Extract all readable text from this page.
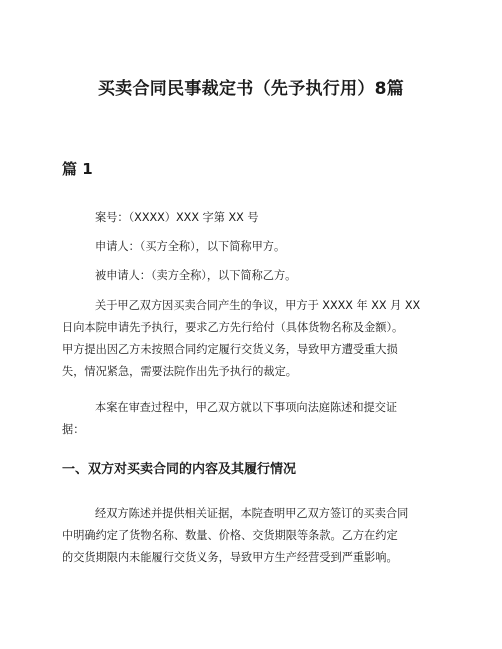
买卖合同民事裁定书（先予执行用）8篇
篇 1

案号：（XXXX）XXX 字第 XX 号

申请人：（买方全称），以下简称甲方。

被申请人：（卖方全称），以下简称乙方。

关于甲乙双方因买卖合同产生的争议，甲方于 XXXX 年 XX 月 XX
日向本院申请先予执行，要求乙方先行给付（具体货物名称及金额）。
甲方提出因乙方未按照合同约定履行交货义务，导致甲方遭受重大损
失，情况紧急，需要法院作出先予执行的裁定。

本案在审查过程中，甲乙双方就以下事项向法庭陈述和提交证
据：

一、双方对买卖合同的内容及其履行情况

经双方陈述并提供相关证据，本院查明甲乙双方签订的买卖合同
中明确约定了货物名称、数量、价格、交货期限等条款。乙方在约定
的交货期限内未能履行交货义务，导致甲方生产经营受到严重影响。
